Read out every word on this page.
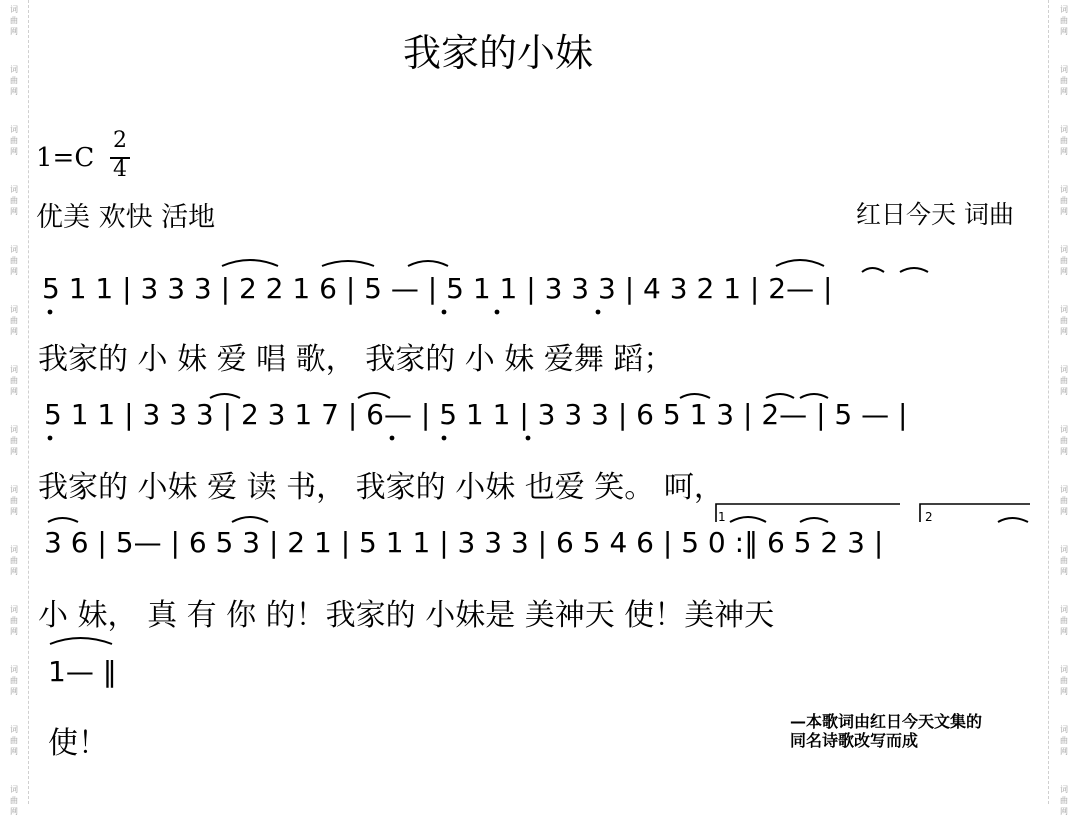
词
曲
网
词
曲
网
词
曲
网
词
曲
网
词
曲
网
词
曲
网
词
曲
网
词
曲
网
词
曲
网
词
曲
网
词
曲
网
词
曲
网
词
曲
网
词
曲
网
词
曲
网
词
曲
网
词
曲
网
词
曲
网
词
曲
网
词
曲
网
词
曲
网
词
曲
网
词
曲
网
词
曲
网
词
曲
网
词
曲
网
词
曲
网
词
曲
网
我家的小妹
1=C
2
4
优美 欢快 活地	红日今天 词曲
5 1 1 | 3 3 3 | 2 2 1 6 | 5 — | 5 1 1 | 3 3 3 | 4 3 2 1 | 2— |
我家的 小 妹 爱 唱 歌， 我家的 小 妹 爱舞 蹈；
5 1 1 | 3 3 3 | 2 3 1 7 | 6— | 5 1 1 | 3 3 3 | 6 5 1 3 | 2— | 5 — |
我家的 小妹 爱 读 书， 我家的 小妹 也爱 笑。 呵，
3 6 | 5— | 6 5 3 | 2 1 | 5 1 1 | 3 3 3 | 6 5 4 6 | 5 0 :‖ 6 5 2 3 |
小 妹， 真 有 你 的！我家的 小妹是 美神天 使！美神天
1	2
1— ‖
使！
—本歌词由红日今天文集的
同名诗歌改写而成
